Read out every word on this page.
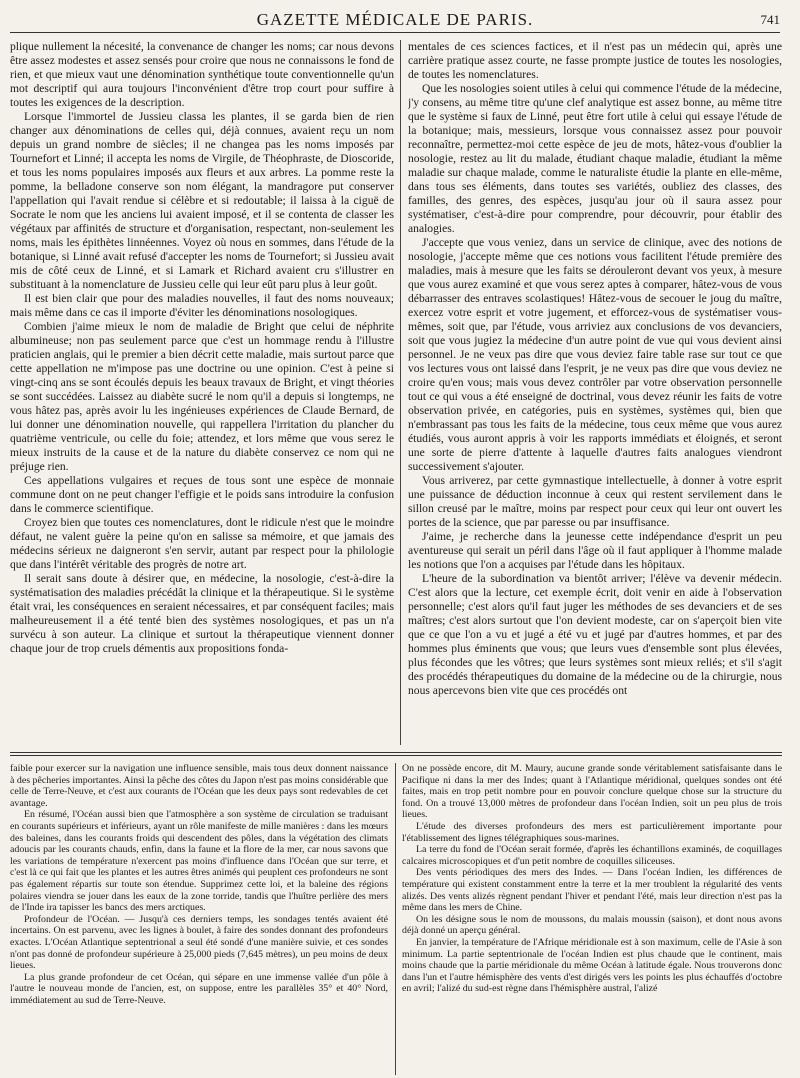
GAZETTE MÉDICALE DE PARIS.	741

plique nullement la nécesité, la convenance de changer les noms; car nous devons être assez modestes et assez sensés pour croire que nous ne connaissons le fond de rien, et que mieux vaut une dénomination synthétique toute conventionnelle qu'un mot descriptif qui aura toujours l'inconvénient d'être trop court pour suffire à toutes les exigences de la description.

Lorsque l'immortel de Jussieu classa les plantes, il se garda bien de rien changer aux dénominations de celles qui, déjà connues, avaient reçu un nom depuis un grand nombre de siècles; il ne changea pas les noms imposés par Tournefort et Linné; il accepta les noms de Virgile, de Théophraste, de Dioscoride, et tous les noms populaires imposés aux fleurs et aux arbres. La pomme reste la pomme, la belladone conserve son nom élégant, la mandragore put conserver l'appellation qui l'avait rendue si célèbre et si redoutable; il laissa à la ciguë de Socrate le nom que les anciens lui avaient imposé, et il se contenta de classer les végétaux par affinités de structure et d'organisation, respectant, non-seulement les noms, mais les épithètes linnéennes. Voyez où nous en sommes, dans l'étude de la botanique, si Linné avait refusé d'accepter les noms de Tournefort; si Jussieu avait mis de côté ceux de Linné, et si Lamark et Richard avaient cru s'illustrer en substituant à la nomenclature de Jussieu celle qui leur eût paru plus à leur goût.

Il est bien clair que pour des maladies nouvelles, il faut des noms nouveaux; mais même dans ce cas il importe d'éviter les dénominations nosologiques.

Combien j'aime mieux le nom de maladie de Bright que celui de néphrite albumineuse; non pas seulement parce que c'est un hommage rendu à l'illustre praticien anglais, qui le premier a bien décrit cette maladie, mais surtout parce que cette appellation ne m'impose pas une doctrine ou une opinion. C'est à peine si vingt-cinq ans se sont écoulés depuis les beaux travaux de Bright, et vingt théories se sont succédées. Laissez au diabète sucré le nom qu'il a depuis si longtemps, ne vous hâtez pas, après avoir lu les ingénieuses expériences de Claude Bernard, de lui donner une dénomination nouvelle, qui rappellera l'irritation du plancher du quatrième ventricule, ou celle du foie; attendez, et lors même que vous serez le mieux instruits de la cause et de la nature du diabète conservez ce nom qui ne préjuge rien.

Ces appellations vulgaires et reçues de tous sont une espèce de monnaie commune dont on ne peut changer l'effigie et le poids sans introduire la confusion dans le commerce scientifique.

Croyez bien que toutes ces nomenclatures, dont le ridicule n'est que le moindre défaut, ne valent guère la peine qu'on en salisse sa mémoire, et que jamais des médecins sérieux ne daigneront s'en servir, autant par respect pour la philologie que dans l'intérêt véritable des progrès de notre art.

Il serait sans doute à désirer que, en médecine, la nosologie, c'est-à-dire la systématisation des maladies précédât la clinique et la thérapeutique. Si le système était vrai, les conséquences en seraient nécessaires, et par conséquent faciles; mais malheureusement il a été tenté bien des systèmes nosologiques, et pas un n'a survécu à son auteur. La clinique et surtout la thérapeutique viennent donner chaque jour de trop cruels démentis aux propositions fonda-

mentales de ces sciences factices, et il n'est pas un médecin qui, après une carrière pratique assez courte, ne fasse prompte justice de toutes les nosologies, de toutes les nomenclatures.

Que les nosologies soient utiles à celui qui commence l'étude de la médecine, j'y consens, au même titre qu'une clef analytique est assez bonne, au même titre que le système si faux de Linné, peut être fort utile à celui qui essaye l'étude de la botanique; mais, messieurs, lorsque vous connaissez assez pour pouvoir reconnaître, permettez-moi cette espèce de jeu de mots, hâtez-vous d'oublier la nosologie, restez au lit du malade, étudiant chaque maladie, étudiant la même maladie sur chaque malade, comme le naturaliste étudie la plante en elle-même, dans tous ses éléments, dans toutes ses variétés, oubliez des classes, des familles, des genres, des espèces, jusqu'au jour où il saura assez pour systématiser, c'est-à-dire pour comprendre, pour découvrir, pour établir des analogies.

J'accepte que vous veniez, dans un service de clinique, avec des notions de nosologie, j'accepte même que ces notions vous facilitent l'étude première des maladies, mais à mesure que les faits se dérouleront devant vos yeux, à mesure que vous aurez examiné et que vous serez aptes à comparer, hâtez-vous de vous débarrasser des entraves scolastiques! Hâtez-vous de secouer le joug du maître, exercez votre esprit et votre jugement, et efforcez-vous de systématiser vous-mêmes, soit que, par l'étude, vous arriviez aux conclusions de vos devanciers, soit que vous jugiez la médecine d'un autre point de vue qui vous devient ainsi personnel. Je ne veux pas dire que vous deviez faire table rase sur tout ce que vos lectures vous ont laissé dans l'esprit, je ne veux pas dire que vous deviez ne croire qu'en vous; mais vous devez contrôler par votre observation personnelle tout ce qui vous a été enseigné de doctrinal, vous devez réunir les faits de votre observation privée, en catégories, puis en systèmes, systèmes qui, bien que n'embrassant pas tous les faits de la médecine, tous ceux même que vous aurez étudiés, vous auront appris à voir les rapports immédiats et éloignés, et seront une sorte de pierre d'attente à laquelle d'autres faits analogues viendront successivement s'ajouter.

Vous arriverez, par cette gymnastique intellectuelle, à donner à votre esprit une puissance de déduction inconnue à ceux qui restent servilement dans le sillon creusé par le maître, moins par respect pour ceux qui leur ont ouvert les portes de la science, que par paresse ou par insuffisance.

J'aime, je recherche dans la jeunesse cette indépendance d'esprit un peu aventureuse qui serait un péril dans l'âge où il faut appliquer à l'homme malade les notions que l'on a acquises par l'étude dans les hôpitaux.

L'heure de la subordination va bientôt arriver; l'élève va devenir médecin. C'est alors que la lecture, cet exemple écrit, doit venir en aide à l'observation personnelle; c'est alors qu'il faut juger les méthodes de ses devanciers et de ses maîtres; c'est alors surtout que l'on devient modeste, car on s'aperçoit bien vite que ce que l'on a vu et jugé a été vu et jugé par d'autres hommes, et par des hommes plus éminents que vous; que leurs vues d'ensemble sont plus élevées, plus fécondes que les vôtres; que leurs systèmes sont mieux reliés; et s'il s'agit des procédés thérapeutiques du domaine de la médecine ou de la chirurgie, nous nous apercevons bien vite que ces procédés ont

faible pour exercer sur la navigation une influence sensible, mais tous deux donnent naissance à des pêcheries importantes. Ainsi la pêche des côtes du Japon n'est pas moins considérable que celle de Terre-Neuve, et c'est aux courants de l'Océan que les deux pays sont redevables de cet avantage.

En résumé, l'Océan aussi bien que l'atmosphère a son système de circulation se traduisant en courants supérieurs et inférieurs, ayant un rôle manifeste de mille manières : dans les mœurs des baleines, dans les courants froids qui descendent des pôles, dans la végétation des climats adoucis par les courants chauds, enfin, dans la faune et la flore de la mer, car nous savons que les variations de température n'exercent pas moins d'influence dans l'Océan que sur terre, et c'est là ce qui fait que les plantes et les autres êtres animés qui peuplent ces profondeurs ne sont pas également répartis sur toute son étendue. Supprimez cette loi, et la baleine des régions polaires viendra se jouer dans les eaux de la zone torride, tandis que l'huître perlière des mers de l'Inde ira tapisser les bancs des mers arctiques.

Profondeur de l'Océan. — Jusqu'à ces derniers temps, les sondages tentés avaient été incertains. On est parvenu, avec les lignes à boulet, à faire des sondes donnant des profondeurs exactes. L'Océan Atlantique septentrional a seul été sondé d'une manière suivie, et ces sondes n'ont pas donné de profondeur supérieure à 25,000 pieds (7,645 mètres), un peu moins de deux lieues.

La plus grande profondeur de cet Océan, qui sépare en une immense vallée d'un pôle à l'autre le nouveau monde de l'ancien, est, on suppose, entre les parallèles 35° et 40° Nord, immédiatement au sud de Terre-Neuve.

On ne possède encore, dit M. Maury, aucune grande sonde véritablement satisfaisante dans le Pacifique ni dans la mer des Indes; quant à l'Atlantique méridional, quelques sondes ont été faites, mais en trop petit nombre pour en pouvoir conclure quelque chose sur la structure du fond. On a trouvé 13,000 mètres de profondeur dans l'océan Indien, soit un peu plus de trois lieues.

L'étude des diverses profondeurs des mers est particulièrement importante pour l'établissement des lignes télégraphiques sous-marines.

La terre du fond de l'Océan serait formée, d'après les échantillons examinés, de coquillages calcaires microscopiques et d'un petit nombre de coquilles siliceuses.

Des vents périodiques des mers des Indes. — Dans l'océan Indien, les différences de température qui existent constamment entre la terre et la mer troublent la régularité des vents alizés. Des vents alizés règnent pendant l'hiver et pendant l'été, mais leur direction n'est pas la même dans les mers de Chine.

On les désigne sous le nom de moussons, du malais moussin (saison), et dont nous avons déjà donné un aperçu général.

En janvier, la température de l'Afrique méridionale est à son maximum, celle de l'Asie à son minimum. La partie septentrionale de l'océan Indien est plus chaude que le continent, mais moins chaude que la partie méridionale du même Océan à latitude égale. Nous trouverons donc dans l'un et l'autre hémisphère des vents d'est dirigés vers les points les plus échauffés d'octobre en avril; l'alizé du sud-est règne dans l'hémisphère austral, l'alizé
